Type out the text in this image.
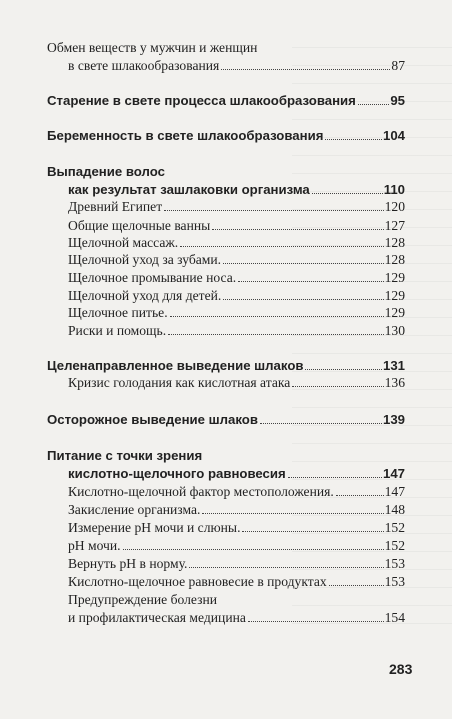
Обмен веществ у мужчин и женщин
в свете шлакообразования	87
Старение в свете процесса шлакообразования	95
Беременность в свете шлакообразования	104
Выпадение волос
как результат зашлаковки организма	110
Древний Египет	120
Общие щелочные ванны	127
Щелочной массаж.	128
Щелочной уход за зубами.	128
Щелочное промывание носа.	129
Щелочной уход для детей.	129
Щелочное питье.	129
Риски и помощь.	130
Целенаправленное выведение шлаков	131
Кризис голодания как кислотная атака	136
Осторожное выведение шлаков	139
Питание с точки зрения
кислотно-щелочного равновесия	147
Кислотно-щелочной фактор местоположения.	147
Закисление организма.	148
Измерение pH мочи и слюны.	152
pH мочи.	152
Вернуть pH в норму.	153
Кислотно-щелочное равновесие в продуктах	153
Предупреждение болезни
и профилактическая медицина	154
283
